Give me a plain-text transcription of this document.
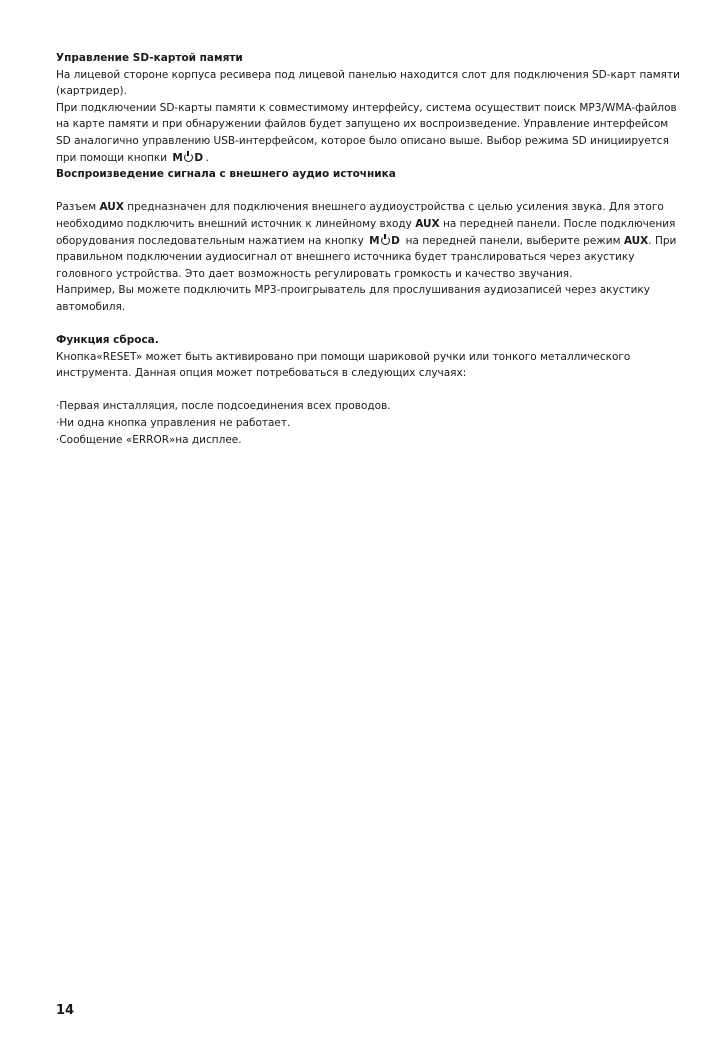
Управление SD-картой памяти
На лицевой стороне корпуса ресивера под лицевой панелью находится слот для подключения SD-карт памяти (картридер).
При подключении SD-карты памяти к совместимому интерфейсу, система осуществит поиск MP3/WMA-файлов на карте памяти и при обнаружении файлов будет запущено их воспроизведение. Управление интерфейсом SD аналогично управлению USB-интерфейсом, которое было описано выше. Выбор режима SD инициируется при помощи кнопки M D .
Воспроизведение сигнала с внешнего аудио источника
Разъем AUX предназначен для подключения внешнего аудиоустройства с целью усиления звука. Для этого необходимо подключить внешний источник к линейному входу AUX на передней панели. После подключения оборудования последовательным нажатием на кнопку M D на передней панели, выберите режим AUX. При правильном подключении аудиосигнал от внешнего источника будет транслироваться через акустику головного устройства. Это дает возможность регулировать громкость и качество звучания.
Например, Вы можете подключить MP3-проигрыватель для прослушивания аудиозаписей через акустику автомобиля.
Функция сброса.
Кнопка«RESET» может быть активировано при помощи шариковой ручки или тонкого металлического инструмента. Данная опция может потребоваться в следующих случаях:
·Первая инсталляция, после подсоединения всех проводов.
·Ни одна кнопка управления не работает.
·Сообщение «ERROR»на дисплее.
14
